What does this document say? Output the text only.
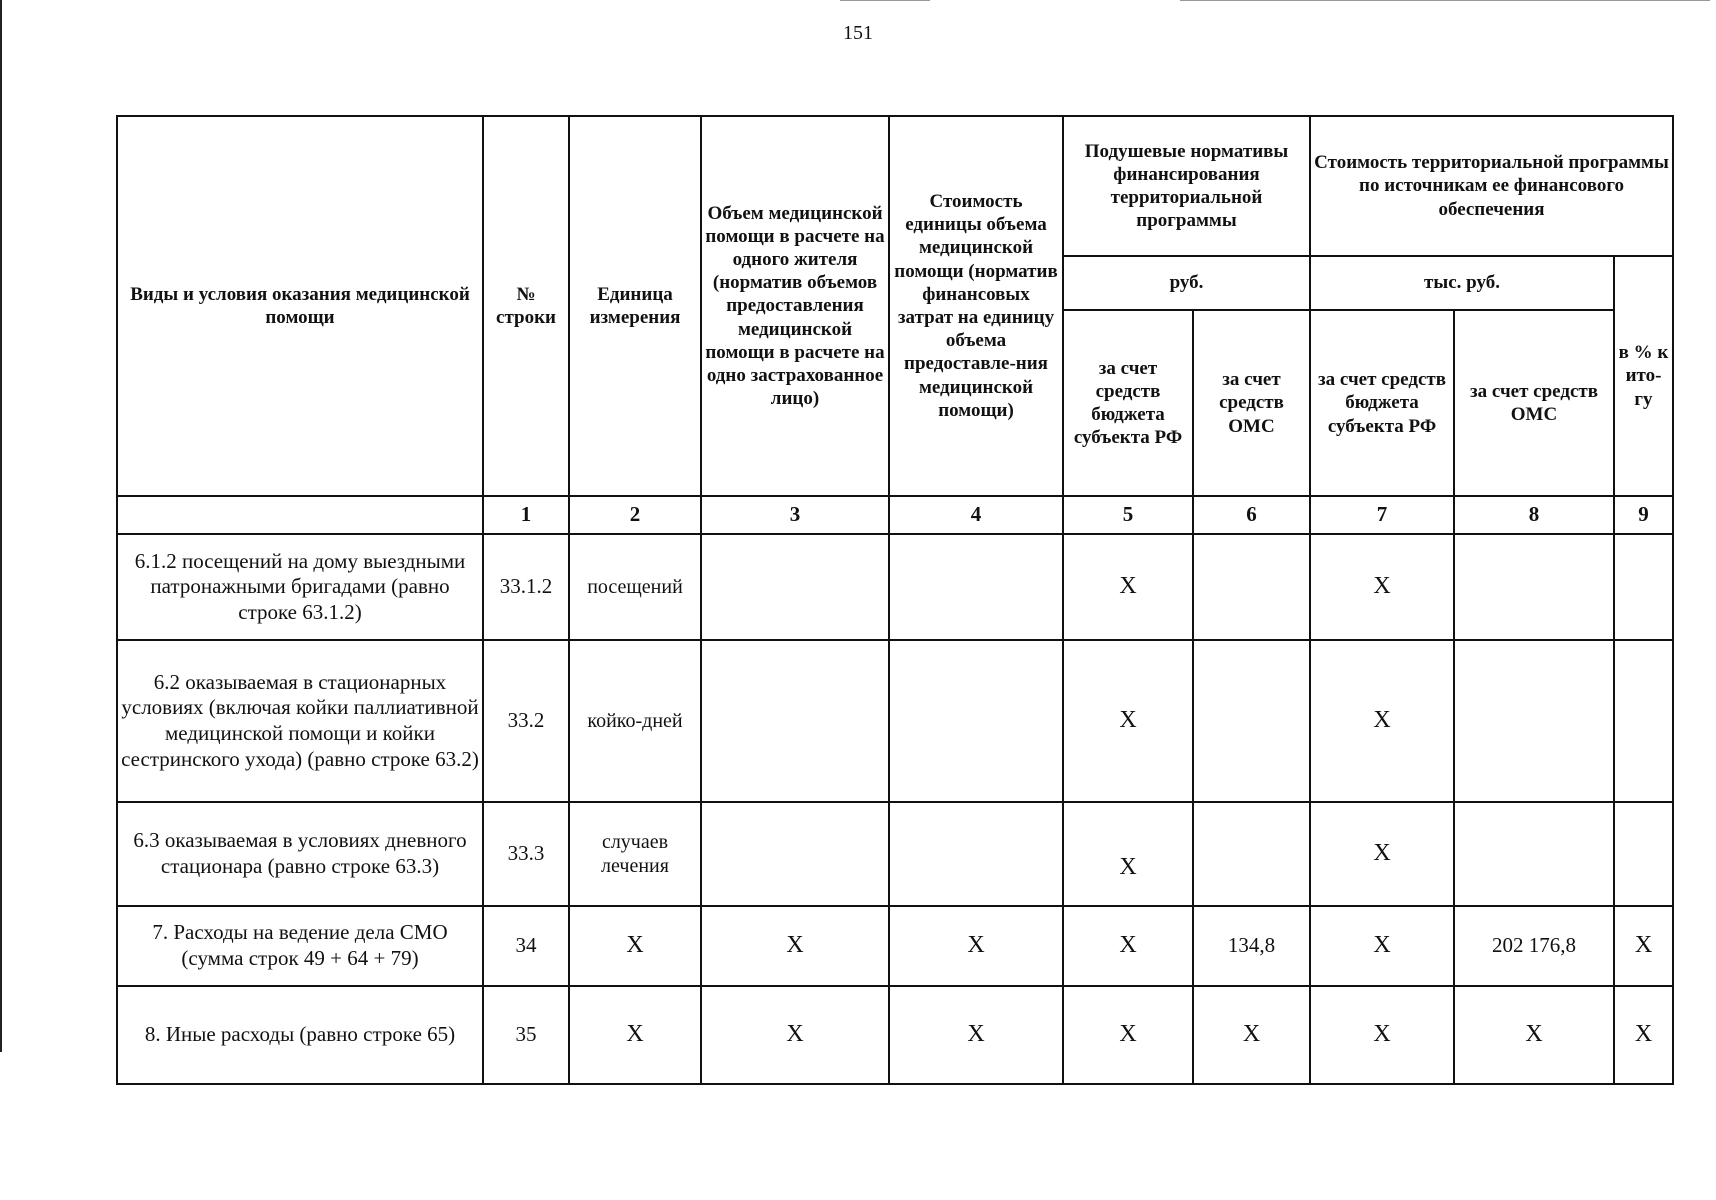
151
Виды и условия оказания медицинской помощи	№ строки	Единица измерения	Объем медицинской помощи в расчете на одного жителя (норматив объемов предоставления медицинской помощи в расчете на одно застрахованное лицо)	Стоимость единицы объема медицинской помощи (норматив финансовых затрат на единицу объема предоставле-ния медицинской помощи)	Подушевые нормативы финансирования территориальной программы		Стоимость территориальной программы по источникам ее финансового обеспечения		
					руб.		тыс. руб.		в % к ито-гу
					за счет средств бюджета субъекта РФ	за счет средств ОМС	за счет средств бюджета субъекта РФ	за счет средств ОМС	
	1	2	3	4	5	6	7	8	9
6.1.2 посещений на дому выездными патронажными бригадами (равно строке 63.1.2)	33.1.2	посещений			X		X		
6.2 оказываемая в стационарных условиях (включая койки паллиативной медицинской помощи и койки сестринского ухода) (равно строке 63.2)	33.2	койко-дней			X		X		
6.3 оказываемая в условиях дневного стационара (равно строке 63.3)	33.3	случаев лечения			X		X		
7. Расходы на ведение дела СМО (сумма строк 49 + 64 + 79)	34	X	X	X	X	134,8	X	202 176,8	X
8. Иные расходы (равно строке 65)	35	X	X	X	X	X	X	X	X
